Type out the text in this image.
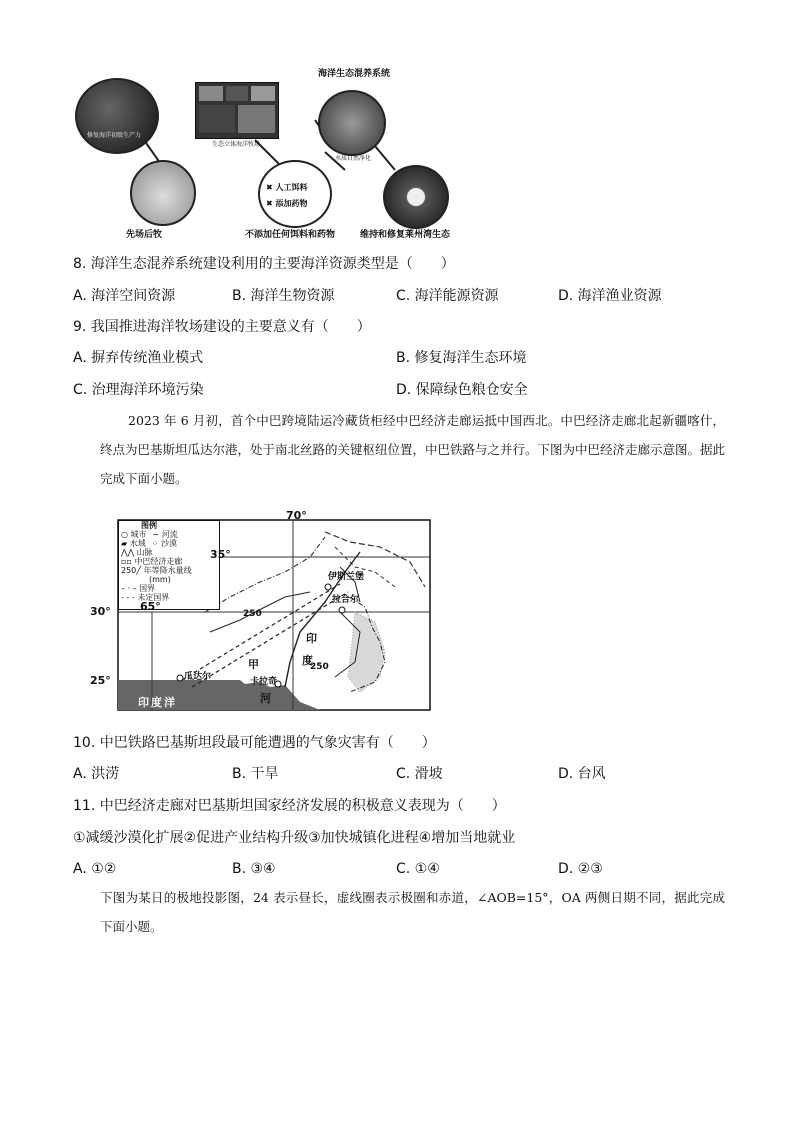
海洋生态混养系统
修复海洋初级生产力
生态立体海洋牧场
水质自然净化
✖ 人工饵料
✖ 添加药物
先场后牧	不添加任何饵料和药物	维持和修复莱州湾生态
8. 海洋生态混养系统建设利用的主要海洋资源类型是（　　）
A. 海洋空间资源	B. 海洋生物资源	C. 海洋能源资源	D. 海洋渔业资源
9. 我国推进海洋牧场建设的主要意义有（　　）
A. 摒弃传统渔业模式	B. 修复海洋生态环境
C. 治理海洋环境污染	D. 保障绿色粮仓安全

2023 年 6 月初，首个中巴跨境陆运冷藏货柜经中巴经济走廊运抵中国西北。中巴经济走廊北起新疆喀什，终点为巴基斯坦瓜达尔港，处于南北丝路的关键枢纽位置，中巴铁路与之并行。下图为中巴经济走廊示意图。据此完成下面小题。

图例
○ 城市 ∽ 河流
▰ 水域 ⁘ 沙漠
⋀⋀ 山脉
▫▫ 中巴经济走廊
250╱ 年等降水量线
(mm)
– · – 国界
- - - 未定国界
70°
65°
35°
30°
25°
250
250
伊斯兰堡
拉合尔
瓜达尔	卡拉奇
印
度
河
甲
印度洋
10. 中巴铁路巴基斯坦段最可能遭遇的气象灾害有（　　）
A. 洪涝	B. 干旱	C. 滑坡	D. 台风
11. 中巴经济走廊对巴基斯坦国家经济发展的积极意义表现为（　　）
①减缓沙漠化扩展②促进产业结构升级③加快城镇化进程④增加当地就业
A. ①②	B. ③④	C. ①④	D. ②③

下图为某日的极地投影图，24 表示昼长，虚线圈表示极圈和赤道，∠AOB=15°，OA 两侧日期不同，据此完成下面小题。
